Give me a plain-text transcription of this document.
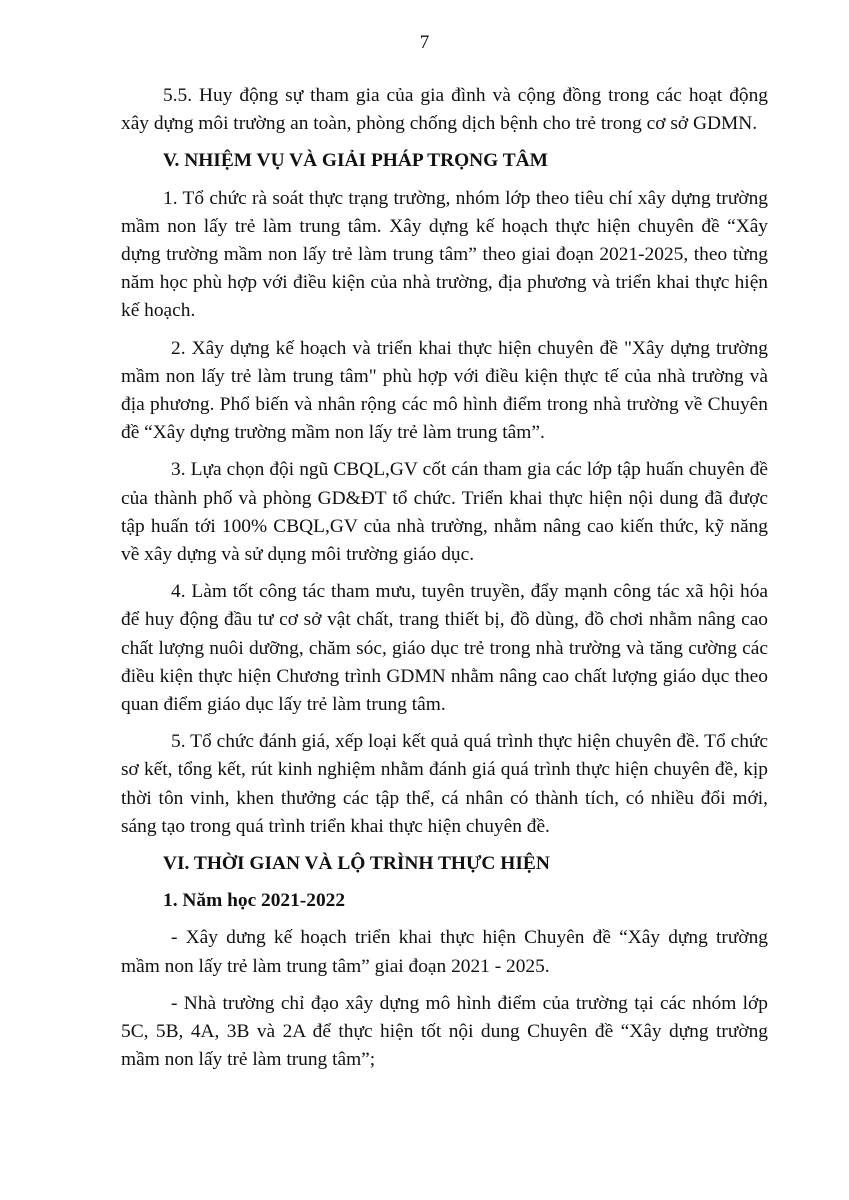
7

5.5. Huy động sự tham gia của gia đình và cộng đồng trong các hoạt động xây dựng môi trường an toàn, phòng chống dịch bệnh cho trẻ trong cơ sở GDMN.

V. NHIỆM VỤ VÀ GIẢI PHÁP TRỌNG TÂM

1. Tổ chức rà soát thực trạng trường, nhóm lớp theo tiêu chí xây dựng trường mầm non lấy trẻ làm trung tâm. Xây dựng kế hoạch thực hiện chuyên đề “Xây dựng trường mầm non lấy trẻ làm trung tâm” theo giai đoạn 2021-2025, theo từng năm học phù hợp với điều kiện của nhà trường, địa phương và triển khai thực hiện kế hoạch.

2. Xây dựng kế hoạch và triển khai thực hiện chuyên đề "Xây dựng trường mầm non lấy trẻ làm trung tâm" phù hợp với điều kiện thực tế của nhà trường và địa phương. Phổ biến và nhân rộng các mô hình điểm trong nhà trường về Chuyên đề “Xây dựng trường mầm non lấy trẻ làm trung tâm”.

3. Lựa chọn đội ngũ CBQL,GV cốt cán tham gia các lớp tập huấn chuyên đề của thành phố và phòng GD&ĐT tổ chức. Triển khai thực hiện nội dung đã được tập huấn tới 100% CBQL,GV của nhà trường, nhằm nâng cao kiến thức, kỹ năng về xây dựng và sử dụng môi trường giáo dục.

4. Làm tốt công tác tham mưu, tuyên truyền, đẩy mạnh công tác xã hội hóa để huy động đầu tư cơ sở vật chất, trang thiết bị, đồ dùng, đồ chơi nhằm nâng cao chất lượng nuôi dưỡng, chăm sóc, giáo dục trẻ trong nhà trường và tăng cường các điều kiện thực hiện Chương trình GDMN nhằm nâng cao chất lượng giáo dục theo quan điểm giáo dục lấy trẻ làm trung tâm.

5. Tổ chức đánh giá, xếp loại kết quả quá trình thực hiện chuyên đề. Tổ chức sơ kết, tổng kết, rút kinh nghiệm nhằm đánh giá quá trình thực hiện chuyên đề, kịp thời tôn vinh, khen thưởng các tập thể, cá nhân có thành tích, có nhiều đổi mới, sáng tạo trong quá trình triển khai thực hiện chuyên đề.

VI. THỜI GIAN VÀ LỘ TRÌNH THỰC HIỆN
1. Năm học 2021-2022

- Xây dưng kế hoạch triển khai thực hiện Chuyên đề “Xây dựng trường mầm non lấy trẻ làm trung tâm” giai đoạn 2021 - 2025.

- Nhà trường chỉ đạo xây dựng mô hình điểm của trường tại các nhóm lớp 5C, 5B, 4A, 3B và 2A để thực hiện tốt nội dung Chuyên đề “Xây dựng trường mầm non lấy trẻ làm trung tâm”;
